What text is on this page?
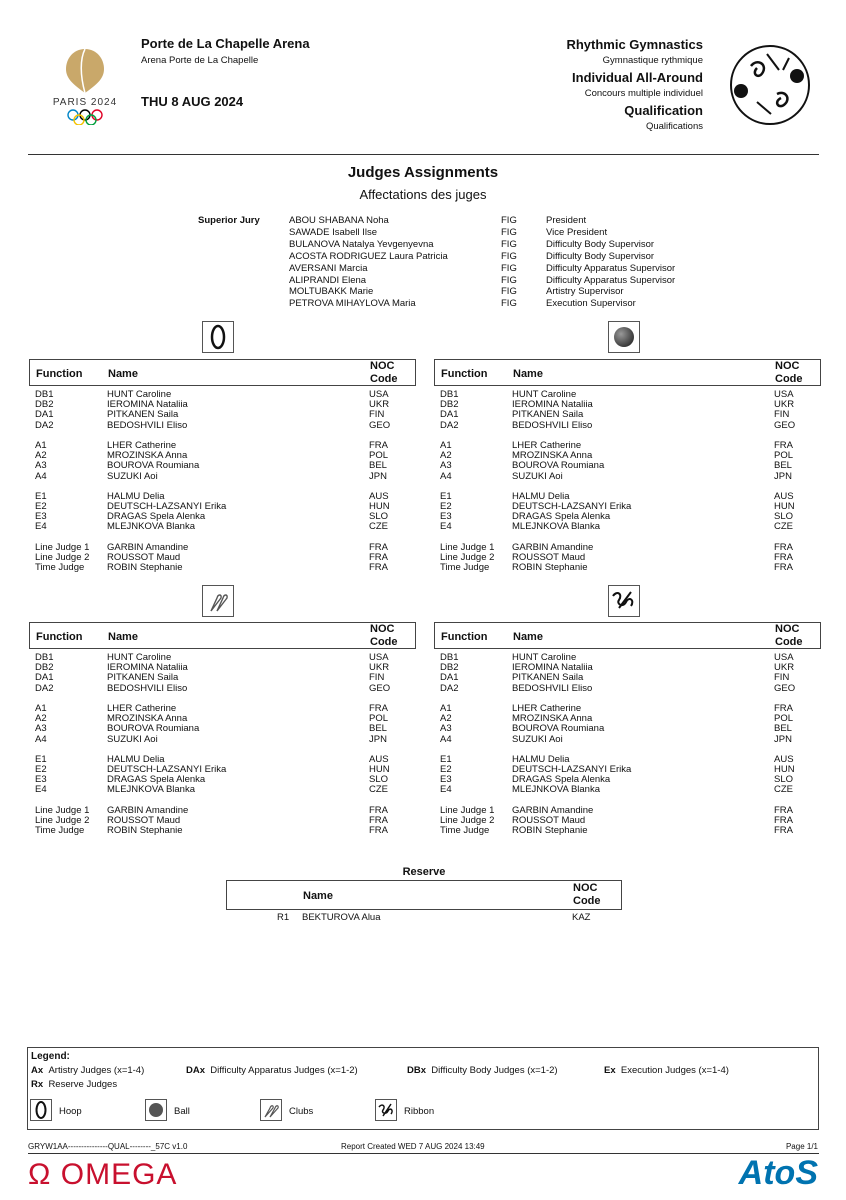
PARIS 2024
Porte de La Chapelle Arena
Arena Porte de La Chapelle
THU 8 AUG 2024
Rhythmic Gymnastics
Gymnastique rythmique
Individual All-Around
Concours multiple individuel
Qualification
Qualifications
Judges Assignments
Affectations des juges
Superior Jury	ABOU SHABANA Noha	FIG	President
SAWADE Isabell Ilse	FIG	Vice President
BULANOVA Natalya Yevgenyevna	FIG	Difficulty Body Supervisor
ACOSTA RODRIGUEZ Laura Patricia	FIG	Difficulty Body Supervisor
AVERSANI Marcia	FIG	Difficulty Apparatus Supervisor
ALIPRANDI Elena	FIG	Difficulty Apparatus Supervisor
MOLTUBAKK Marie	FIG	Artistry Supervisor
PETROVA MIHAYLOVA Maria	FIG	Execution Supervisor
Function Name
NOC
Code
DB1	HUNT Caroline	USA
DB2	IEROMINA Nataliia	UKR
DA1	PITKANEN Saila	FIN
DA2	BEDOSHVILI Eliso	GEO
A1	LHER Catherine	FRA
A2	MROZINSKA Anna	POL
A3	BOUROVA Roumiana	BEL
A4	SUZUKI Aoi	JPN
E1	HALMU Delia	AUS
E2	DEUTSCH-LAZSANYI Erika	HUN
E3	DRAGAS Spela Alenka	SLO
E4	MLEJNKOVA Blanka	CZE
Line Judge 1 GARBIN Amandine	FRA
Line Judge 2 ROUSSOT Maud	FRA
Time Judge ROBIN Stephanie	FRA
Function Name
NOC
Code
DB1	HUNT Caroline	USA
DB2	IEROMINA Nataliia	UKR
DA1	PITKANEN Saila	FIN
DA2	BEDOSHVILI Eliso	GEO
A1	LHER Catherine	FRA
A2	MROZINSKA Anna	POL
A3	BOUROVA Roumiana	BEL
A4	SUZUKI Aoi	JPN
E1	HALMU Delia	AUS
E2	DEUTSCH-LAZSANYI Erika	HUN
E3	DRAGAS Spela Alenka	SLO
E4	MLEJNKOVA Blanka	CZE
Line Judge 1 GARBIN Amandine	FRA
Line Judge 2 ROUSSOT Maud	FRA
Time Judge ROBIN Stephanie	FRA
Function Name
NOC
Code
DB1	HUNT Caroline	USA
DB2	IEROMINA Nataliia	UKR
DA1	PITKANEN Saila	FIN
DA2	BEDOSHVILI Eliso	GEO
A1	LHER Catherine	FRA
A2	MROZINSKA Anna	POL
A3	BOUROVA Roumiana	BEL
A4	SUZUKI Aoi	JPN
E1	HALMU Delia	AUS
E2	DEUTSCH-LAZSANYI Erika	HUN
E3	DRAGAS Spela Alenka	SLO
E4	MLEJNKOVA Blanka	CZE
Line Judge 1 GARBIN Amandine	FRA
Line Judge 2 ROUSSOT Maud	FRA
Time Judge ROBIN Stephanie	FRA
Function Name
NOC
Code
DB1	HUNT Caroline	USA
DB2	IEROMINA Nataliia	UKR
DA1	PITKANEN Saila	FIN
DA2	BEDOSHVILI Eliso	GEO
A1	LHER Catherine	FRA
A2	MROZINSKA Anna	POL
A3	BOUROVA Roumiana	BEL
A4	SUZUKI Aoi	JPN
E1	HALMU Delia	AUS
E2	DEUTSCH-LAZSANYI Erika	HUN
E3	DRAGAS Spela Alenka	SLO
E4	MLEJNKOVA Blanka	CZE
Line Judge 1 GARBIN Amandine	FRA
Line Judge 2 ROUSSOT Maud	FRA
Time Judge ROBIN Stephanie	FRA
Reserve
Name
NOC
Code
R1 BEKTUROVA Alua	KAZ
Legend:
Ax Artistry Judges (x=1-4)	DAx Difficulty Apparatus Judges (x=1-2)	DBx Difficulty Body Judges (x=1-2)	Ex Execution Judges (x=1-4)
Rx Reserve Judges
Hoop	Ball	Clubs	Ribbon
GRYW1AA---------------QUAL--------_57C v1.0	Report Created WED 7 AUG 2024 13:49	Page 1/1
Ω OMEGA	AtoS
